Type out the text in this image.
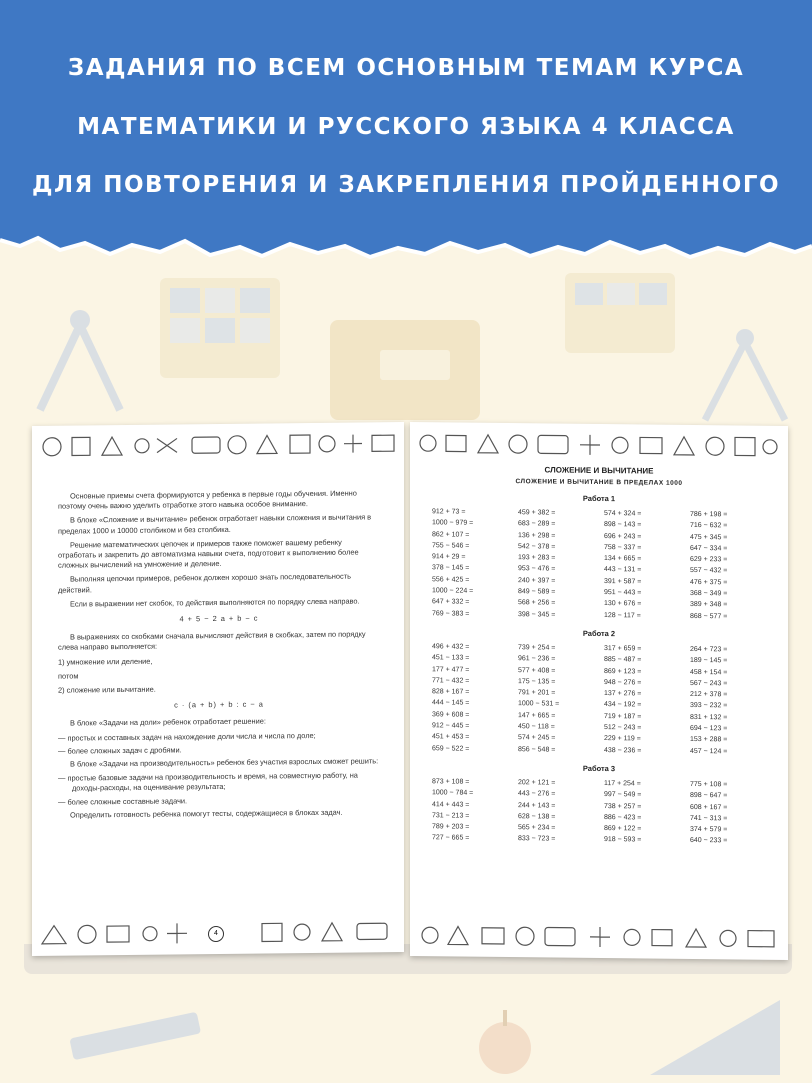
ЗАДАНИЯ ПО ВСЕМ ОСНОВНЫМ ТЕМАМ КУРСА
МАТЕМАТИКИ И РУССКОГО ЯЗЫКА 4 КЛАССА
ДЛЯ ПОВТОРЕНИЯ И ЗАКРЕПЛЕНИЯ ПРОЙДЕННОГО

Основные приемы счета формируются у ребенка в первые годы обучения. Именно поэтому очень важно уделить отработке этого навыка особое внимание.

В блоке «Сложение и вычитание» ребенок отработает навыки сложения и вычитания в пределах 1000 и 10000 столбиком и без столбика.

Решение математических цепочек и примеров также поможет вашему ребенку отработать и закрепить до автоматизма навыки счета, подготовит к выполнению более сложных вычислений на умножение и деление.

Выполняя цепочки примеров, ребенок должен хорошо знать последовательность действий.

Если в выражении нет скобок, то действия выполняются по порядку слева направо.

4 + 5 − 2 a + b − c

В выражениях со скобками сначала вычисляют действия в скобках, затем по порядку слева направо выполняется:

1) умножение или деление,

потом

2) сложение или вычитание.

c · (a + b) + b : c − a

В блоке «Задачи на доли» ребенок отработает решение:

— простых и составных задач на нахождение доли числа и числа по доле;
— более сложных задач с дробями.

В блоке «Задачи на производительность» ребенок без участия взрослых сможет решить:

— простые базовые задачи на производительность и время, на совместную работу, на доходы-расходы, на оценивание результата;
— более сложные составные задачи.

Определить готовность ребенка помогут тесты, содержащиеся в блоках задач.

4
СЛОЖЕНИЕ И ВЫЧИТАНИЕ
СЛОЖЕНИЕ И ВЫЧИТАНИЕ В ПРЕДЕЛАХ 1000
Работа 1
912 + 73 =	459 + 382 =	574 + 324 =	786 + 198 =
1000 − 979 =	683 − 289 =	898 − 143 =	716 − 632 =
862 + 107 =	136 + 298 =	696 + 243 =	475 + 345 =
755 − 546 =	542 − 378 =	758 − 337 =	647 − 334 =
914 + 29 =	193 + 283 =	134 + 665 =	629 + 233 =
378 − 145 =	953 − 476 =	443 − 131 =	557 − 432 =
556 + 425 =	240 + 397 =	391 + 587 =	476 + 375 =
1000 − 224 =	849 − 589 =	951 − 443 =	368 − 349 =
647 + 332 =	568 + 256 =	130 + 676 =	389 + 348 =
769 − 383 =	398 − 345 =	128 − 117 =	868 − 577 =
Работа 2
496 + 432 =	739 + 254 =	317 + 659 =	264 + 723 =
451 − 133 =	961 − 236 =	885 − 487 =	189 − 145 =
177 + 477 =	577 + 408 =	869 + 123 =	458 + 154 =
771 − 432 =	175 − 135 =	948 − 276 =	567 − 243 =
828 + 167 =	791 + 201 =	137 + 276 =	212 + 378 =
444 − 145 =	1000 − 531 =	434 − 192 =	393 − 232 =
369 + 608 =	147 + 665 =	719 + 187 =	831 + 132 =
912 − 445 =	450 − 118 =	512 − 243 =	694 − 123 =
451 + 453 =	574 + 245 =	229 + 119 =	153 + 288 =
659 − 522 =	856 − 548 =	438 − 236 =	457 − 124 =
Работа 3
873 + 108 =	202 + 121 =	117 + 254 =	775 + 108 =
1000 − 784 =	443 − 276 =	997 − 549 =	898 − 647 =
414 + 443 =	244 + 143 =	738 + 257 =	608 + 167 =
731 − 213 =	628 − 138 =	886 − 423 =	741 − 313 =
789 + 203 =	565 + 234 =	869 + 122 =	374 + 579 =
727 − 665 =	833 − 723 =	918 − 593 =	640 − 233 =
